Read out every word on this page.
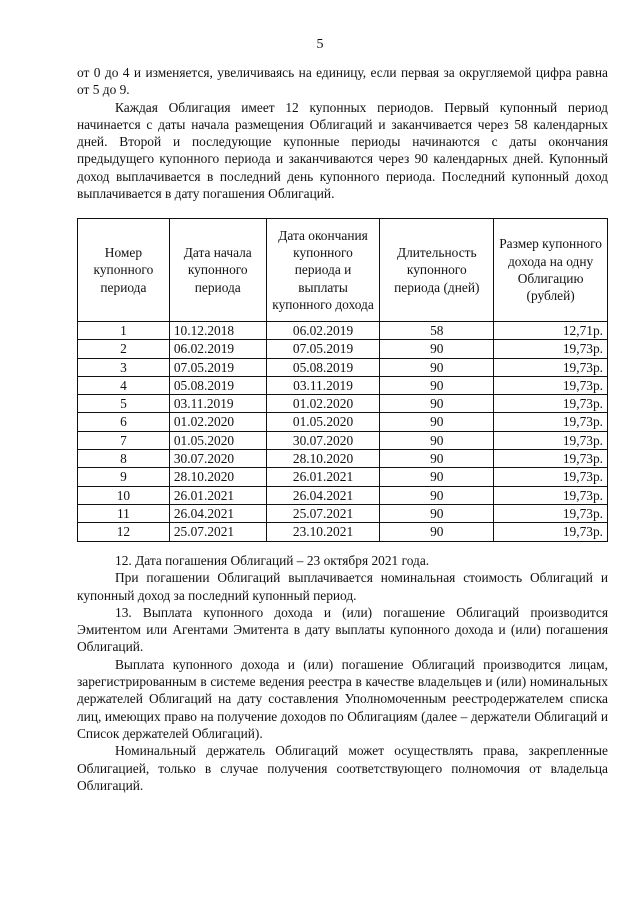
5

от 0 до 4 и изменяется, увеличиваясь на единицу, если первая за округляемой цифра равна от 5 до 9.

Каждая Облигация имеет 12 купонных периодов. Первый купонный период начинается с даты начала размещения Облигаций и заканчивается через 58 календарных дней. Второй и последующие купонные периоды начинаются с даты окончания предыдущего купонного периода и заканчиваются через 90 календарных дней. Купонный доход выплачивается в последний день купонного периода. Последний купонный доход выплачивается в дату погашения Облигаций.

Номер купонного периода	Дата начала купонного периода	Дата окончания купонного периода и выплаты купонного дохода	Длительность купонного периода (дней)	Размер купонного дохода на одну Облигацию (рублей)
1	10.12.2018	06.02.2019	58	12,71р.
2	06.02.2019	07.05.2019	90	19,73р.
3	07.05.2019	05.08.2019	90	19,73р.
4	05.08.2019	03.11.2019	90	19,73р.
5	03.11.2019	01.02.2020	90	19,73р.
6	01.02.2020	01.05.2020	90	19,73р.
7	01.05.2020	30.07.2020	90	19,73р.
8	30.07.2020	28.10.2020	90	19,73р.
9	28.10.2020	26.01.2021	90	19,73р.
10	26.01.2021	26.04.2021	90	19,73р.
11	26.04.2021	25.07.2021	90	19,73р.
12	25.07.2021	23.10.2021	90	19,73р.

12. Дата погашения Облигаций – 23 октября 2021 года.

При погашении Облигаций выплачивается номинальная стоимость Облигаций и купонный доход за последний купонный период.

13. Выплата купонного дохода и (или) погашение Облигаций производится Эмитентом или Агентами Эмитента в дату выплаты купонного дохода и (или) погашения Облигаций.

Выплата купонного дохода и (или) погашение Облигаций производится лицам, зарегистрированным в системе ведения реестра в качестве владельцев и (или) номинальных держателей Облигаций на дату составления Уполномоченным реестродержателем списка лиц, имеющих право на получение доходов по Облигациям (далее – держатели Облигаций и Список держателей Облигаций).

Номинальный держатель Облигаций может осуществлять права, закрепленные Облигацией, только в случае получения соответствующего полномочия от владельца Облигаций.
